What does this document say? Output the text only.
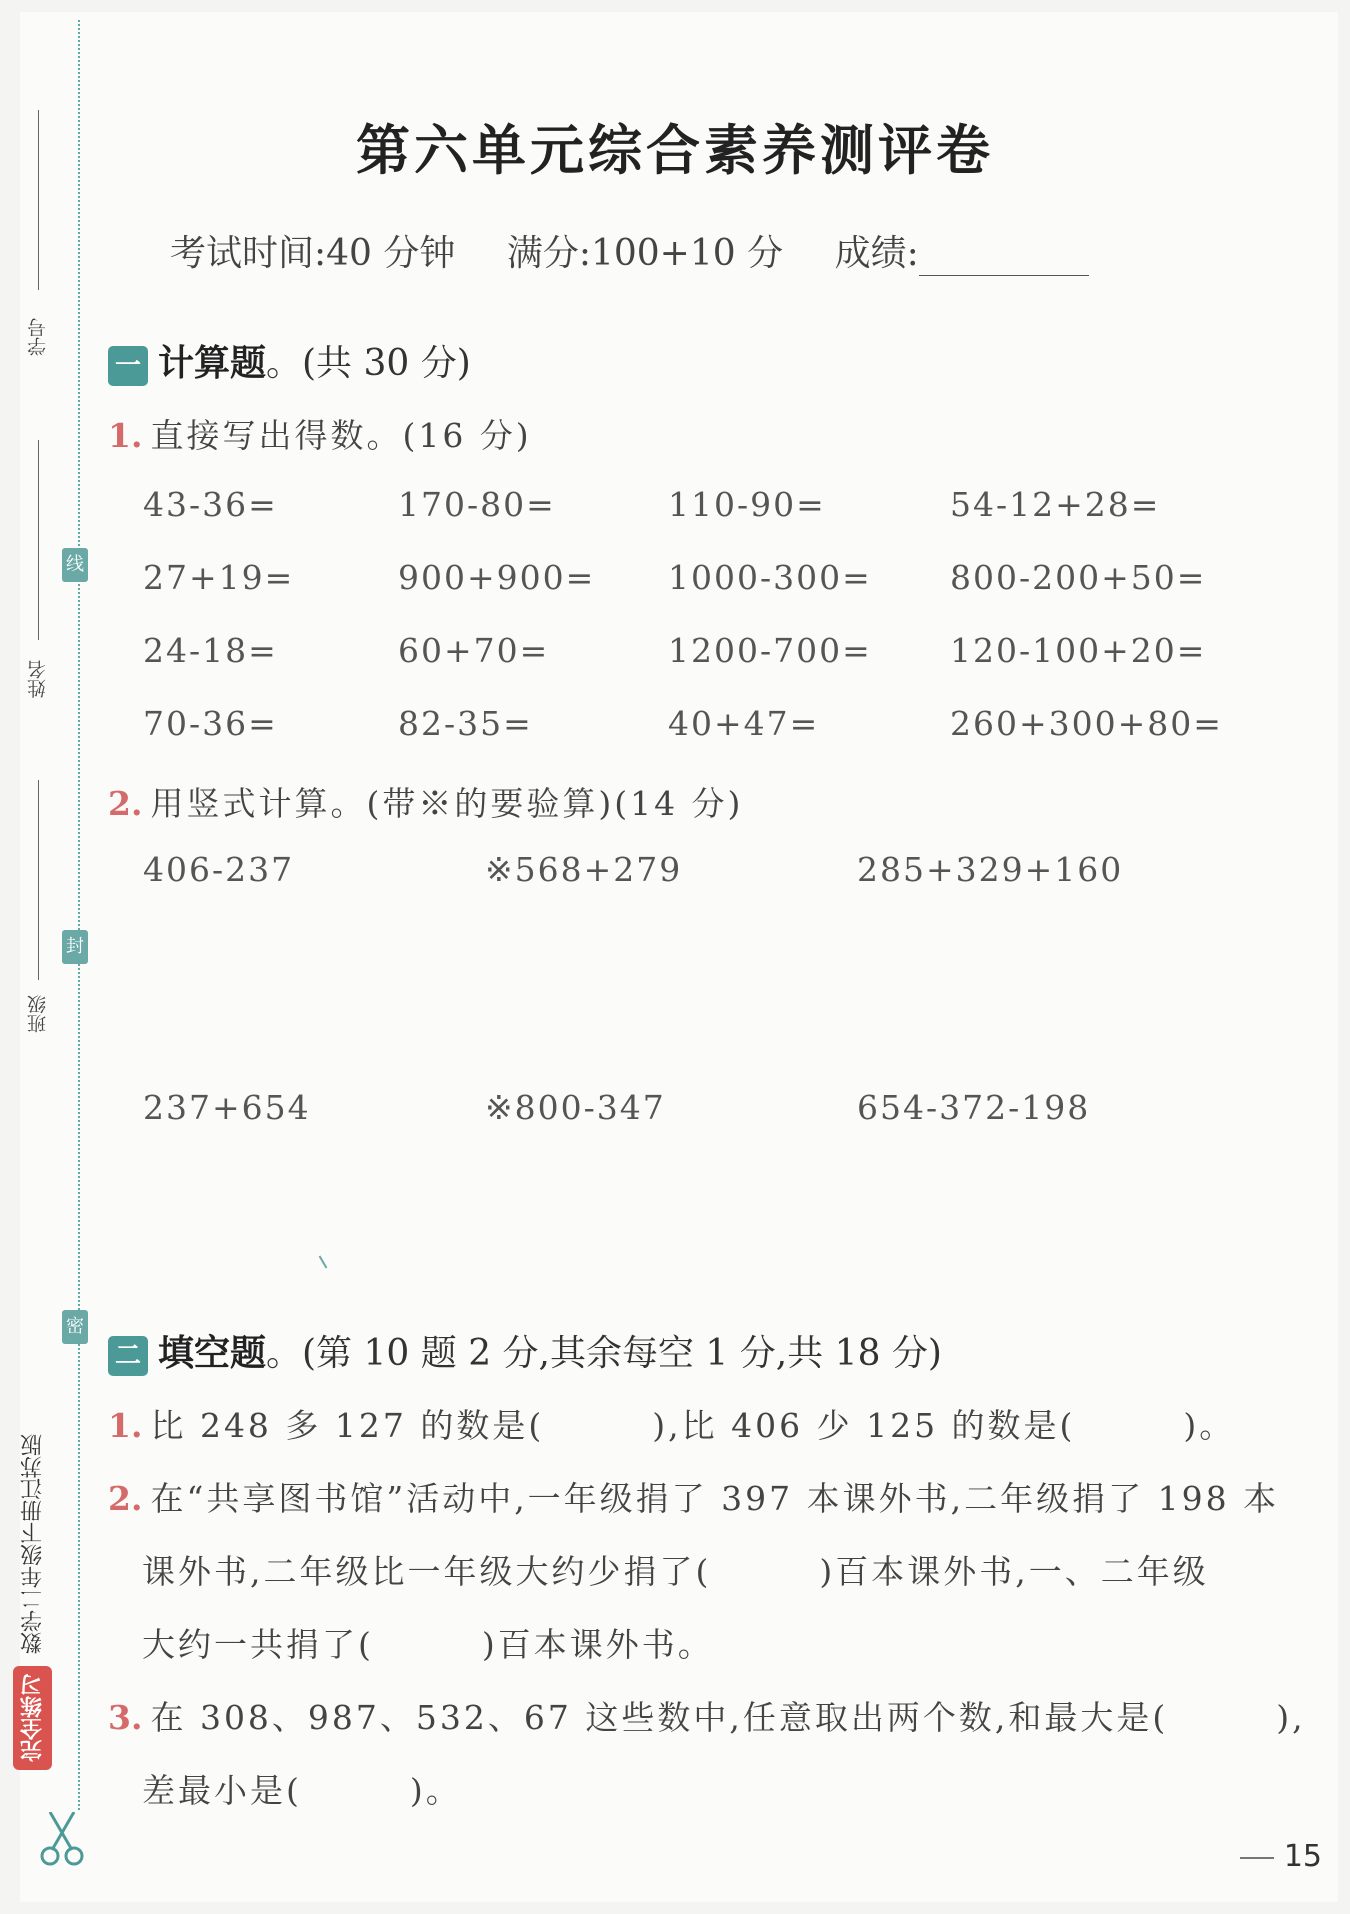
学号
姓名
班级
线
封
密
完全练习
数学二年级下册江苏版
第六单元综合素养测评卷
考试时间:40 分钟 满分:100+10 分 成绩:
一 计算题。(共 30 分)
1. 直接写出得数。(16 分)
43-36=	170-80=	110-90=	54-12+28=
27+19=	900+900= 1000-300= 800-200+50=
24-18=	60+70=	1200-700= 120-100+20=
70-36=	82-35=	40+47=	260+300+80=
2. 用竖式计算。(带※的要验算)(14 分)
406-237	※568+279	285+329+160
237+654	※800-347	654-372-198
二 填空题。(第 10 题 2 分,其余每空 1 分,共 18 分)
1. 比 248 多 127 的数是(　　　),比 406 少 125 的数是(　　　)。
2. 在“共享图书馆”活动中,一年级捐了 397 本课外书,二年级捐了 198 本
课外书,二年级比一年级大约少捐了(　　　)百本课外书,一、二年级
大约一共捐了(　　　)百本课外书。
3. 在 308、987、532、67 这些数中,任意取出两个数,和最大是(　　　),
差最小是(　　　)。
15
